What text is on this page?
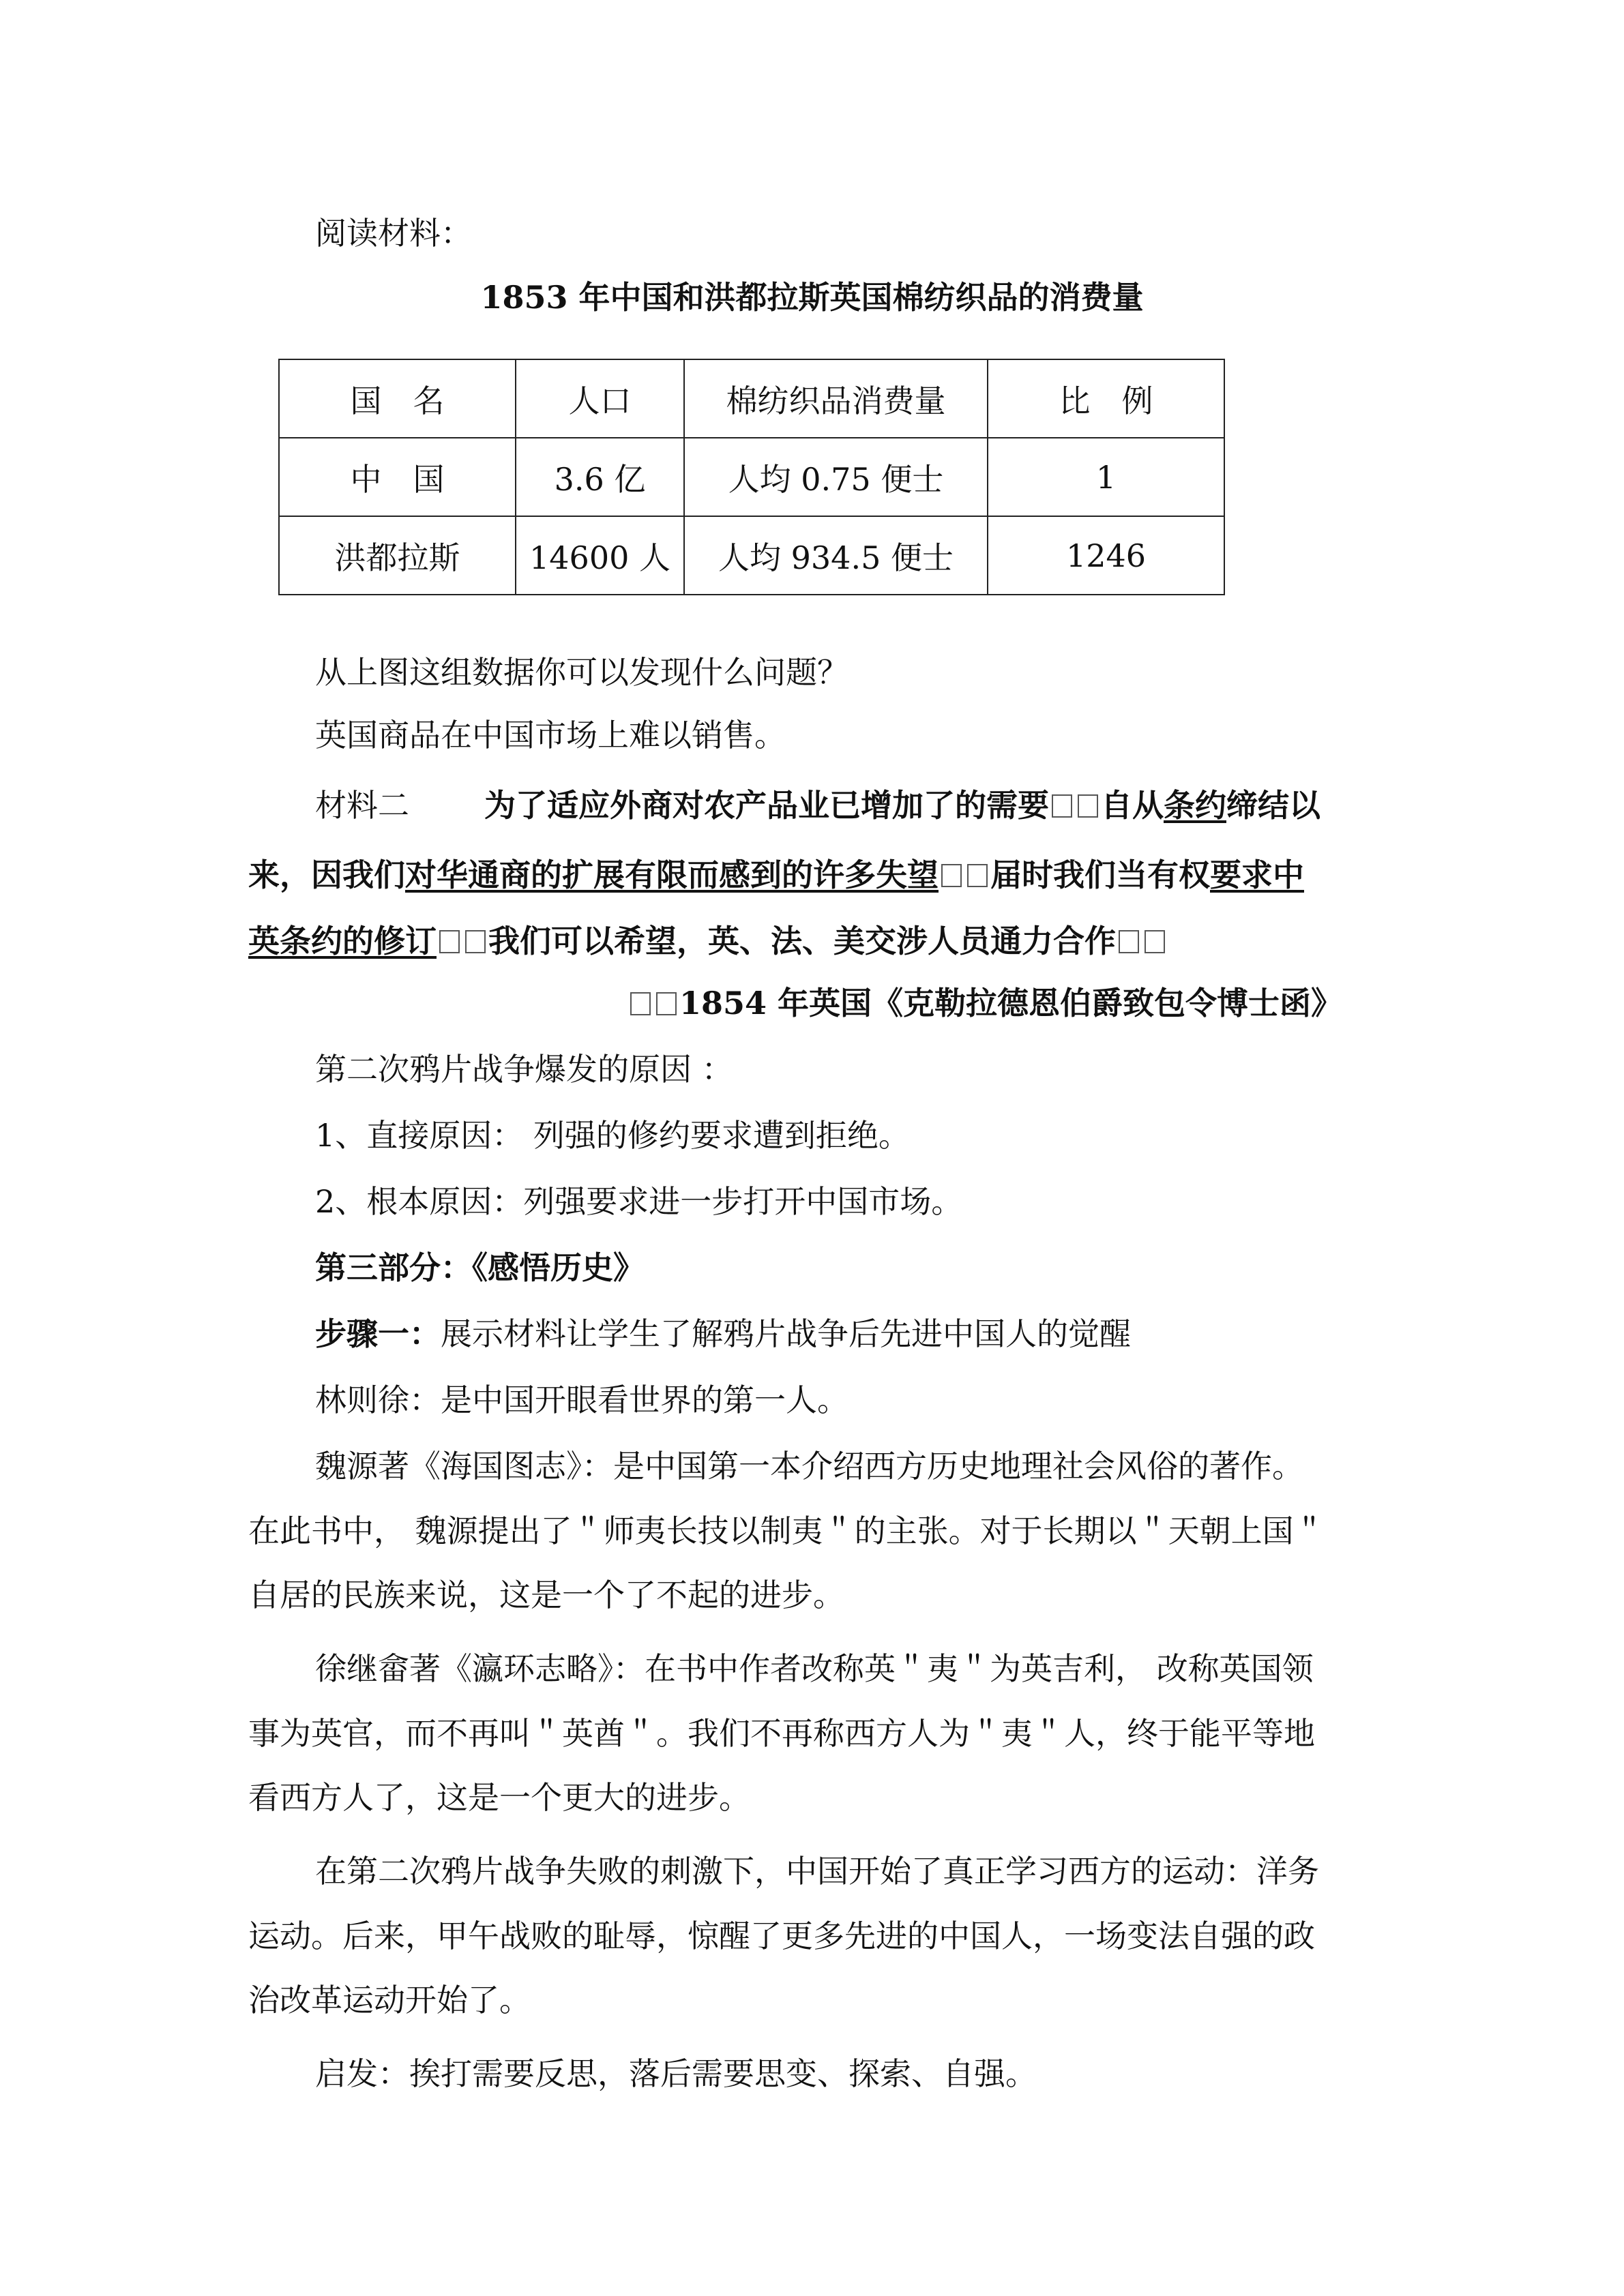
阅读材料：
1853 年中国和洪都拉斯英国棉纺织品的消费量
国　名	人口	棉纺织品消费量	比　例
中　国	3.6 亿	人均 0.75 便士	1
洪都拉斯	14600 人	人均 934.5 便士	1246
从上图这组数据你可以发现什么问题？
英国商品在中国市场上难以销售。
材料二 为了适应外商对农产品业已增加了的需要 自从条约缔结以
来，因我们对华通商的扩展有限而感到的许多失望 届时我们当有权要求中
英条约的修订 我们可以希望，英、法、美交涉人员通力合作
1854 年英国《克勒拉德恩伯爵致包令博士函》
第二次鸦片战争爆发的原因 ：
1、直接原因： 列强的修约要求遭到拒绝。
2、根本原因：列强要求进一步打开中国市场。
第三部分：《感悟历史》
步骤一：展示材料让学生了解鸦片战争后先进中国人的觉醒
林则徐：是中国开眼看世界的第一人。
魏源著《海国图志》：是中国第一本介绍西方历史地理社会风俗的著作。
在此书中， 魏源提出了＂师夷长技以制夷＂的主张。对于长期以＂天朝上国＂
自居的民族来说，这是一个了不起的进步。
徐继畲著《瀛环志略》：在书中作者改称英＂夷＂为英吉利， 改称英国领
事为英官，而不再叫＂英酋＂。我们不再称西方人为＂夷＂人，终于能平等地
看西方人了，这是一个更大的进步。
在第二次鸦片战争失败的刺激下，中国开始了真正学习西方的运动：洋务
运动。后来，甲午战败的耻辱，惊醒了更多先进的中国人，一场变法自强的政
治改革运动开始了。
启发：挨打需要反思，落后需要思变、探索、自强。
